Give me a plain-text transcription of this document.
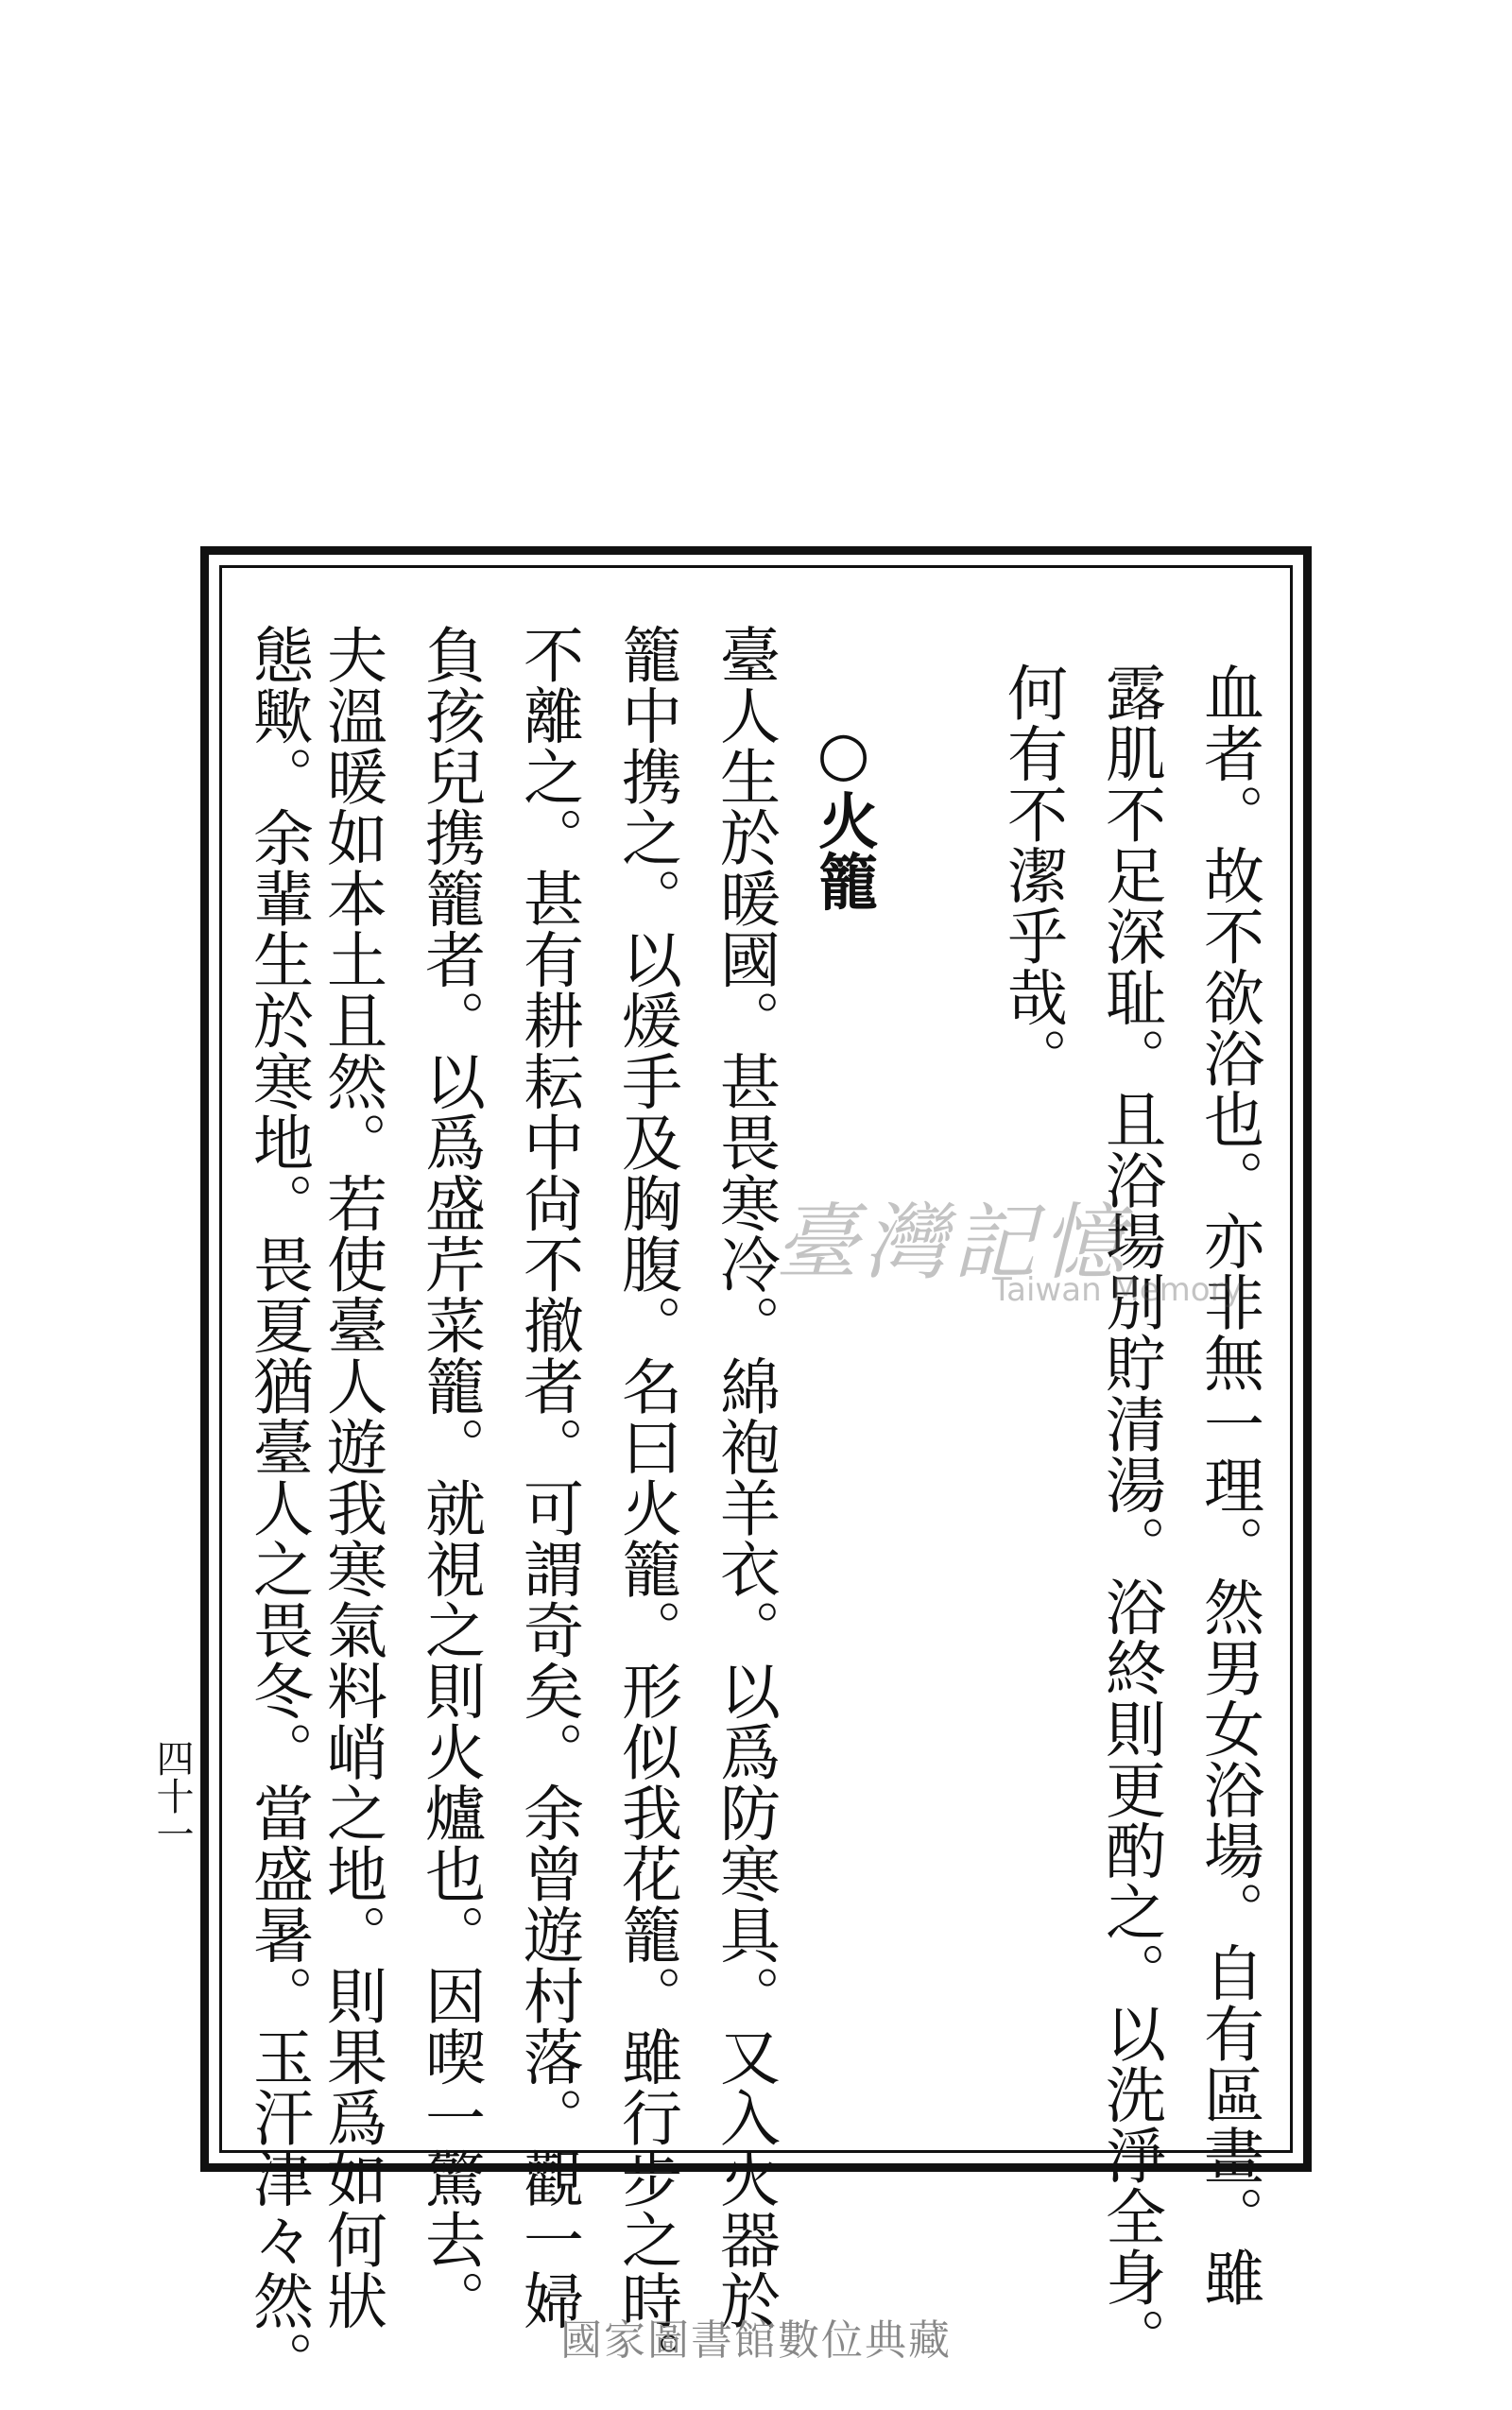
何有不潔乎哉。 露肌不足深耻。且浴場別貯清湯。浴終則更酌之。以洗淨全身。 血者。故不欲浴也。亦非無一理。然男女浴場。自有區畫。雖
○火籠
臺人生於暖國。甚畏寒冷。綿袍羊衣。以爲防寒具。又入火器於
籠中携之。以煖手及胸腹。名曰火籠。形似我花籠。雖行步之時。
不離之。甚有耕耘中尙不撤者。可謂奇矣。余曾遊村落。觀一婦
負孩兒携籠者。以爲盛芹菜籠。就視之則火爐也。因喫一驚去。
夫溫暖如本土且然。若使臺人遊我寒氣料峭之地。則果爲如何狀
態歟。余輩生於寒地。畏夏猶臺人之畏冬。當盛暑。玉汗津々然。
四十一
臺灣記憶
Taiwan Memory
國家圖書館數位典藏
